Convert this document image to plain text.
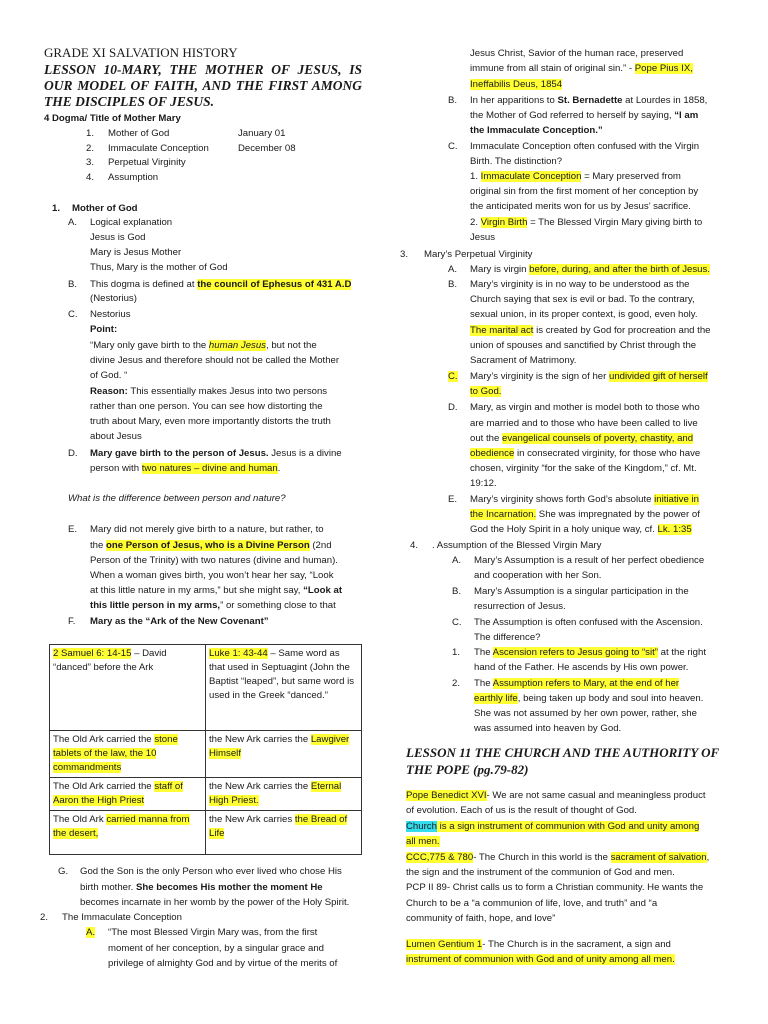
GRADE XI SALVATION HISTORY
LESSON 10-MARY, THE MOTHER OF JESUS, IS OUR MODEL OF FAITH, AND THE FIRST AMONG THE DISCIPLES OF JESUS.
4 Dogma/ Title of Mother Mary
1. Mother of God	January 01
2. Immaculate Conception	December 08
3. Perpetual Virginity
4. Assumption
1. Mother of God
A. Logical explanation
Jesus is God
Mary is Jesus Mother
Thus, Mary is the mother of God
B. This dogma is defined at the council of Ephesus of 431 A.D
(Nestorius)
C. Nestorius
Point:
“Mary only gave birth to the human Jesus, but not the
divine Jesus and therefore should not be called the Mother
of God. “
Reason: This essentially makes Jesus into two persons
rather than one person. You can see how distorting the
truth about Mary, even more importantly distorts the truth
about Jesus
D. Mary gave birth to the person of Jesus. Jesus is a divine
person with two natures – divine and human.
What is the difference between person and nature?
E. Mary did not merely give birth to a nature, but rather, to
the one Person of Jesus, who is a Divine Person (2nd
Person of the Trinity) with two natures (divine and human).
When a woman gives birth, you won’t hear her say, “Look
at this little nature in my arms,” but she might say, “Look at
this little person in my arms,” or something close to that
F. Mary as the “Ark of the New Covenant”
2 Samuel 6: 14-15 – David
“danced” before the Ark	Luke 1: 43-44 – Same word as that used in Septuagint (John the Baptist “leaped”, but same word is used in the Greek “danced.”
The Old Ark carried the stone tablets of the law, the 10 commandments	the New Ark carries the Lawgiver Himself
The Old Ark carried the staff of Aaron the High Priest	the New Ark carries the Eternal High Priest.
The Old Ark carried manna from the desert,	the New Ark carries the Bread of Life
G. God the Son is the only Person who ever lived who chose His
birth mother. She becomes His mother the moment He
becomes incarnate in her womb by the power of the Holy Spirit.
2. The Immaculate Conception
A. “The most Blessed Virgin Mary was, from the first
moment of her conception, by a singular grace and
privilege of almighty God and by virtue of the merits of
Jesus Christ, Savior of the human race, preserved
immune from all stain of original sin.” - Pope Pius IX,
Ineffabilis Deus, 1854
B. In her apparitions to St. Bernadette at Lourdes in 1858,
the Mother of God referred to herself by saying, “I am
the Immaculate Conception.”
C. Immaculate Conception often confused with the Virgin
Birth. The distinction?
1. Immaculate Conception = Mary preserved from
original sin from the first moment of her conception by
the anticipated merits won for us by Jesus’ sacrifice.
2. Virgin Birth = The Blessed Virgin Mary giving birth to
Jesus
3. Mary’s Perpetual Virginity
A. Mary is virgin before, during, and after the birth of Jesus.
B. Mary’s virginity is in no way to be understood as the
Church saying that sex is evil or bad. To the contrary,
sexual union, in its proper context, is good, even holy.
The marital act is created by God for procreation and the
union of spouses and sanctified by Christ through the
Sacrament of Matrimony.
C. Mary’s virginity is the sign of her undivided gift of herself
to God.
D. Mary, as virgin and mother is model both to those who
are married and to those who have been called to live
out the evangelical counsels of poverty, chastity, and
obedience in consecrated virginity, for those who have
chosen, virginity “for the sake of the Kingdom,” cf. Mt.
19:12.
E. Mary’s virginity shows forth God’s absolute initiative in
the Incarnation. She was impregnated by the power of
God the Holy Spirit in a holy unique way, cf. Lk. 1:35
4. . Assumption of the Blessed Virgin Mary
A. Mary’s Assumption is a result of her perfect obedience
and cooperation with her Son.
B. Mary’s Assumption is a singular participation in the
resurrection of Jesus.
C. The Assumption is often confused with the Ascension.
The difference?
1. The Ascension refers to Jesus going to “sit” at the right
hand of the Father. He ascends by His own power.
2. The Assumption refers to Mary, at the end of her
earthly life, being taken up body and soul into heaven.
She was not assumed by her own power, rather, she
was assumed into heaven by God.
LESSON 11 THE CHURCH AND THE AUTHORITY OF
THE POPE (pg.79-82)
Pope Benedict XVI- We are not same casual and meaningless product
of evolution. Each of us is the result of thought of God.
Church is a sign instrument of communion with God and unity among
all men.
CCC,775 & 780- The Church in this world is the sacrament of salvation,
the sign and the instrument of the communion of God and men.
PCP II 89- Christ calls us to form a Christian community. He wants the
Church to be a “a communion of life, love, and truth” and “a
community of faith, hope, and love”
Lumen Gentium 1- The Church is in the sacrament, a sign and
instrument of communion with God and of unity among all men.
